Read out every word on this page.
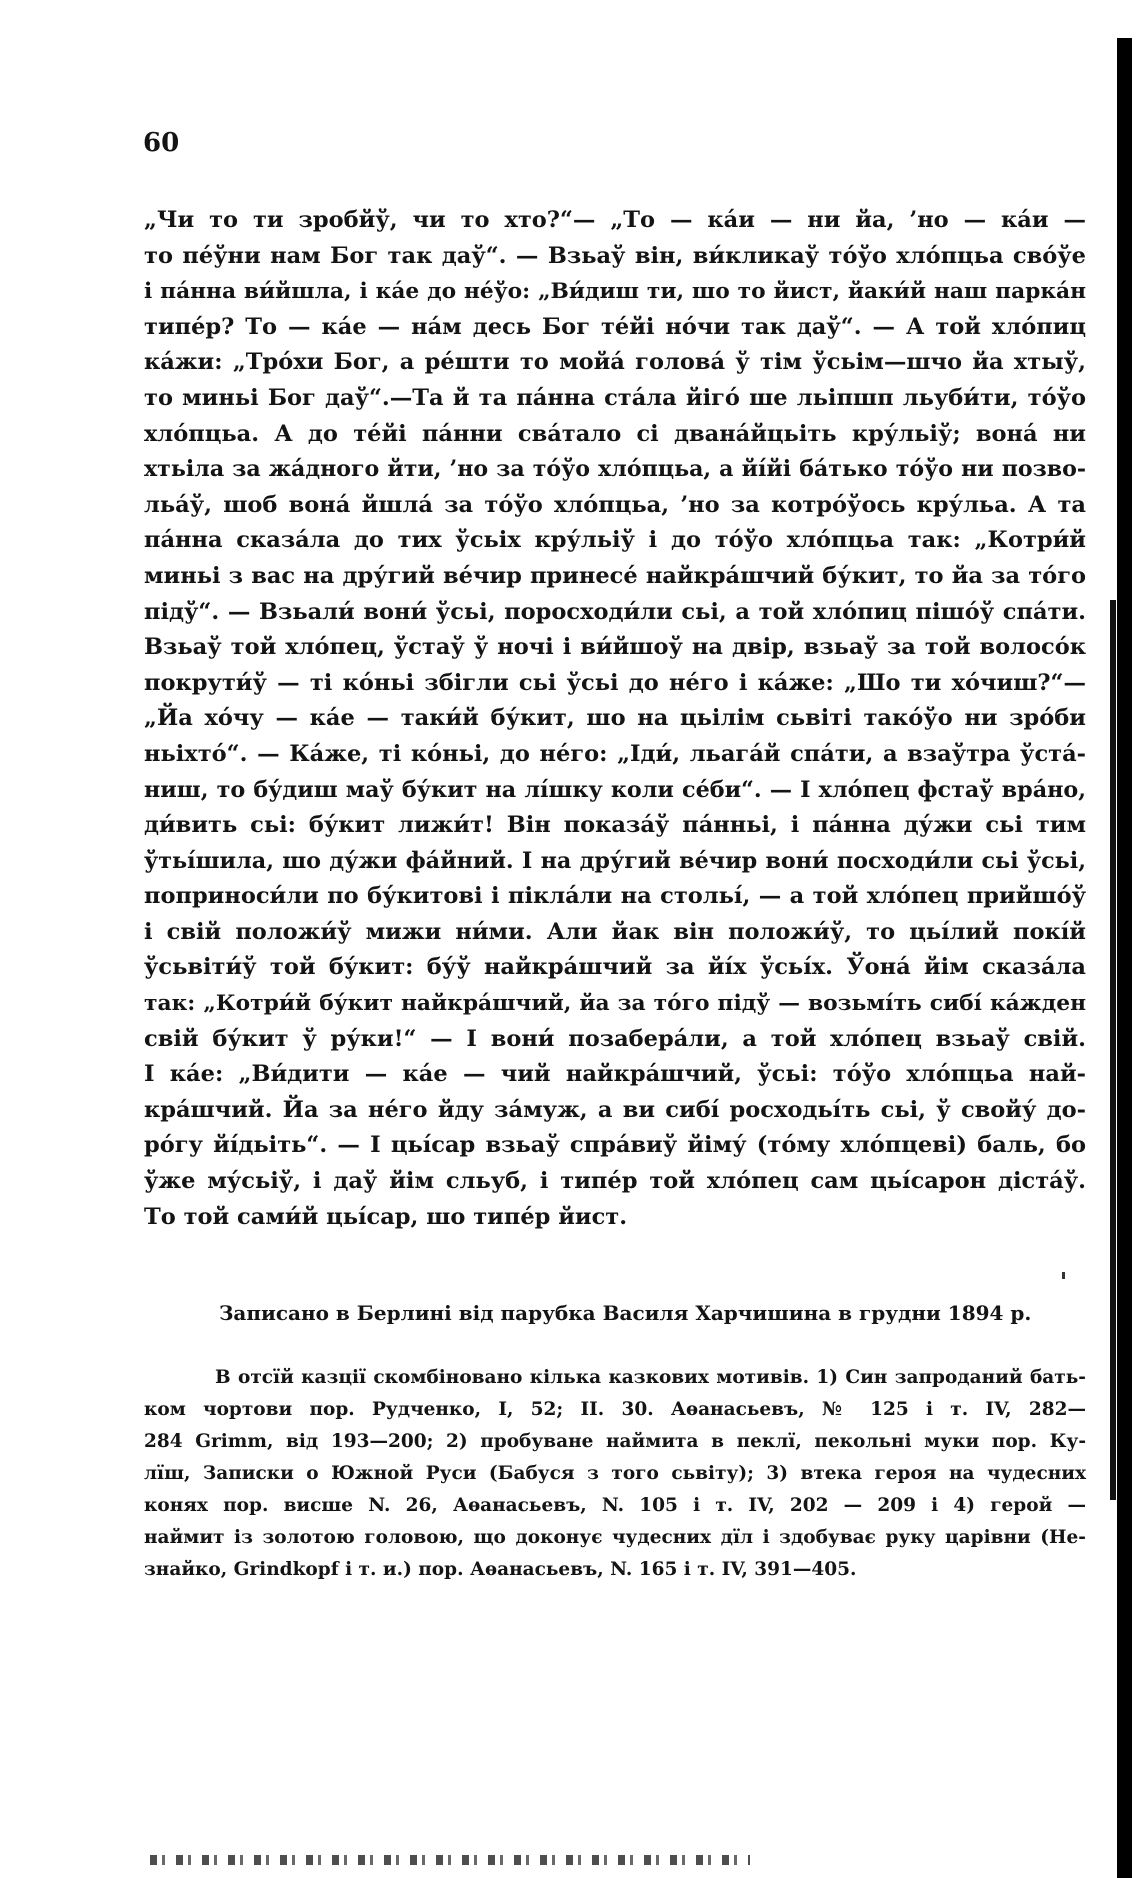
60
„Чи то ти зробйў, чи то хто?“— „То — ка́и — ни йа, ’но — ка́и —
то пе́ўни нам Бог так даў“. — Взьаў він, ви́кликаў то́ўо хло́пцьа сво́ўе
і па́нна ви́йшла, і ка́е до не́ўо: „Ви́диш ти, шо то йист, йаки́й наш парка́н
типе́р? То — ка́е — на́м десь Бог те́йі но́чи так даў“. — А той хло́пиц
ка́жи: „Тро́хи Бог, а ре́шти то мойа́ голова́ ў тім ўсьім—шчо йа хтыў,
то миньі Бог даў“.—Та й та па́нна ста́ла йіго́ ше льіпшп льуби́ти, то́ўо
хло́пцьа. А до те́йі па́нни сва́тало сі двана́йцьіть кру́льіў; вона́ ни
хтьіла за жа́дного йти, ’но за то́ўо хло́пцьа, а йі́йі ба́тько то́ўо ни позво-
льа́ў, шоб вона́ йшла́ за то́ўо хло́пцьа, ’но за котро́ўось кру́льа. А та
па́нна сказа́ла до тих ўсьіх кру́льіў і до то́ўо хло́пцьа так: „Котри́й
миньі з вас на дру́гий ве́чир принесе́ найкра́шчий бу́кит, то йа за то́го
підў“. — Взьали́ вони́ ўсьі, поросходи́ли сьі, а той хло́пиц пішо́ў спа́ти.
Взьаў той хло́пец, ўстаў ў ночі і ви́йшоў на двір, взьаў за той волосо́к
покрути́ў — ті ко́ньі збігли сьі ўсьі до не́го і ка́же: „Шо ти хо́чиш?“—
„Йа хо́чу — ка́е — таки́й бу́кит, шо на цьілім сьвіті тако́ўо ни зро́би
ньіхто́“. — Ка́же, ті ко́ньі, до не́го: „Іди́, льага́й спа́ти, а взаўтра ўста́-
ниш, то бу́диш маў бу́кит на лі́шку коли се́би“. — І хло́пец фстаў вра́но,
ди́вить сьі: бу́кит лижи́т! Він показа́ў па́нньі, і па́нна ду́жи сьі тим
ўтьі́шила, шо ду́жи фа́йний. І на дру́гий ве́чир вони́ посходи́ли сьі ўсьі,
поприноси́ли по бу́китові і пікла́ли на стольі́, — а той хло́пец прийшо́ў
і свій положи́ў мижи ни́ми. Али йак він положи́ў, то цьі́лий покі́й
ўсьвіти́ў той бу́кит: бу́ў найкра́шчий за йі́х ўсьі́х. Ўона́ йім сказа́ла
так: „Котри́й бу́кит найкра́шчий, йа за то́го підў — возьмі́ть сибі́ ка́жден
свій бу́кит ў ру́ки!“ — І вони́ позабера́ли, а той хло́пец взьаў свій.
І ка́е: „Ви́дити — ка́е — чий найкра́шчий, ўсьі: то́ўо хло́пцьа най-
кра́шчий. Йа за не́го йду за́муж, а ви сибі́ росходьі́ть сьі, ў свойу́ до-
ро́гу йі́дьіть“. — І цьі́сар взьаў спра́виў йіму́ (то́му хло́пцеві) баль, бо
ўже му́сьіў, і даў йім сльуб, і типе́р той хло́пец сам цьі́сарон діста́ў.
То той сами́й цьі́сар, шо типе́р йист.
Записано в Берлині від парубка Василя Харчишина в грудни 1894 р.
В отсїй казції скомбіновано кілька казкових мотивів. 1) Син запроданий бать-
ком чортови пор. Рудченко, І, 52; ІІ. 30. Аѳанасьевъ, № 125 і т. IV, 282—
284 Grimm, від 193—200; 2) пробуване наймита в пеклї, пекольні муки пор. Ку-
лїш, Записки о Южной Руси (Бабуся з того сьвіту); 3) втека героя на чудесних
конях пор. висше N. 26, Аѳанасьевъ, N. 105 і т. IV, 202 — 209 і 4) герой —
наймит із золотою головою, що доконує чудесних дїл і здобуває руку царівни (Не-
знайко, Grindkopf і т. и.) пор. Аѳанасьевъ, N. 165 і т. IV, 391—405.
